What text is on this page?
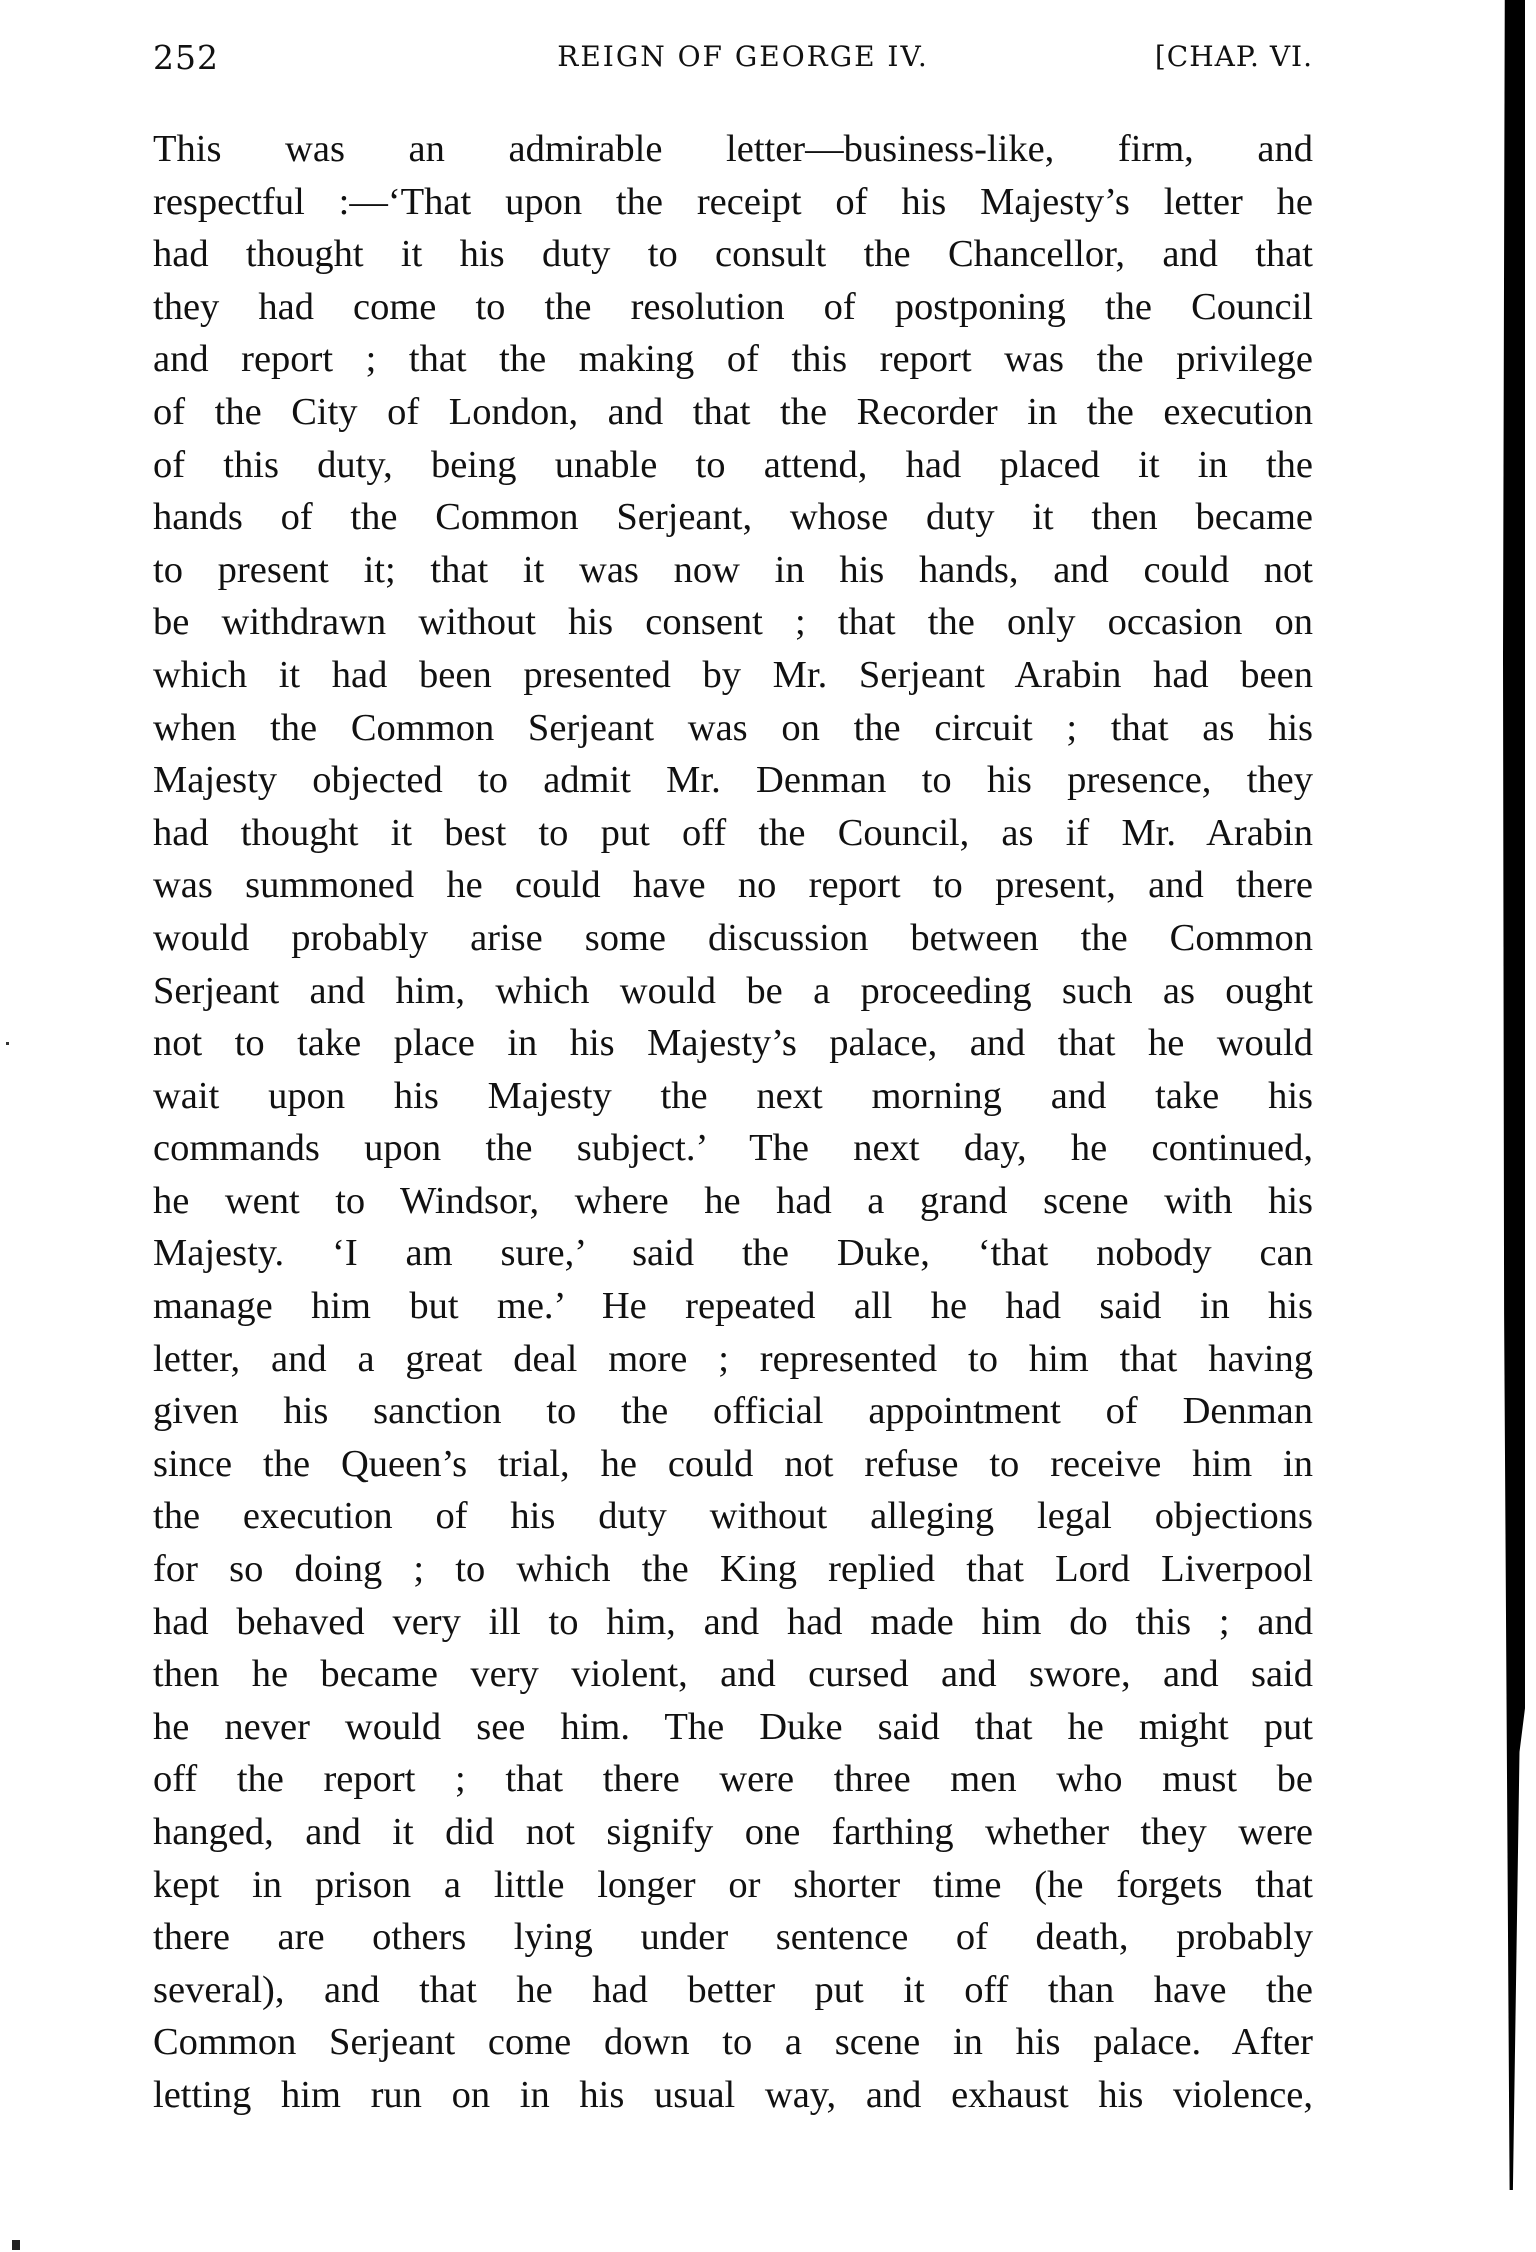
252	REIGN OF GEORGE IV.	[CHAP. VI.
This was an admirable letter—business-like, firm, and
respectful :—‘That upon the receipt of his Majesty’s letter he
had thought it his duty to consult the Chancellor, and that
they had come to the resolution of postponing the Council
and report ; that the making of this report was the privilege
of the City of London, and that the Recorder in the execution
of this duty, being unable to attend, had placed it in the
hands of the Common Serjeant, whose duty it then became
to present it; that it was now in his hands, and could not
be withdrawn without his consent ; that the only occasion on
which it had been presented by Mr. Serjeant Arabin had been
when the Common Serjeant was on the circuit ; that as his
Majesty objected to admit Mr. Denman to his presence, they
had thought it best to put off the Council, as if Mr. Arabin
was summoned he could have no report to present, and there
would probably arise some discussion between the Common
Serjeant and him, which would be a proceeding such as ought
not to take place in his Majesty’s palace, and that he would
wait upon his Majesty the next morning and take his
commands upon the subject.’ The next day, he continued,
he went to Windsor, where he had a grand scene with his
Majesty. ‘I am sure,’ said the Duke, ‘that nobody can
manage him but me.’ He repeated all he had said in his
letter, and a great deal more ; represented to him that having
given his sanction to the official appointment of Denman
since the Queen’s trial, he could not refuse to receive him in
the execution of his duty without alleging legal objections
for so doing ; to which the King replied that Lord Liverpool
had behaved very ill to him, and had made him do this ; and
then he became very violent, and cursed and swore, and said
he never would see him. The Duke said that he might put
off the report ; that there were three men who must be
hanged, and it did not signify one farthing whether they were
kept in prison a little longer or shorter time (he forgets that
there are others lying under sentence of death, probably
several), and that he had better put it off than have the
Common Serjeant come down to a scene in his palace. After
letting him run on in his usual way, and exhaust his violence,
